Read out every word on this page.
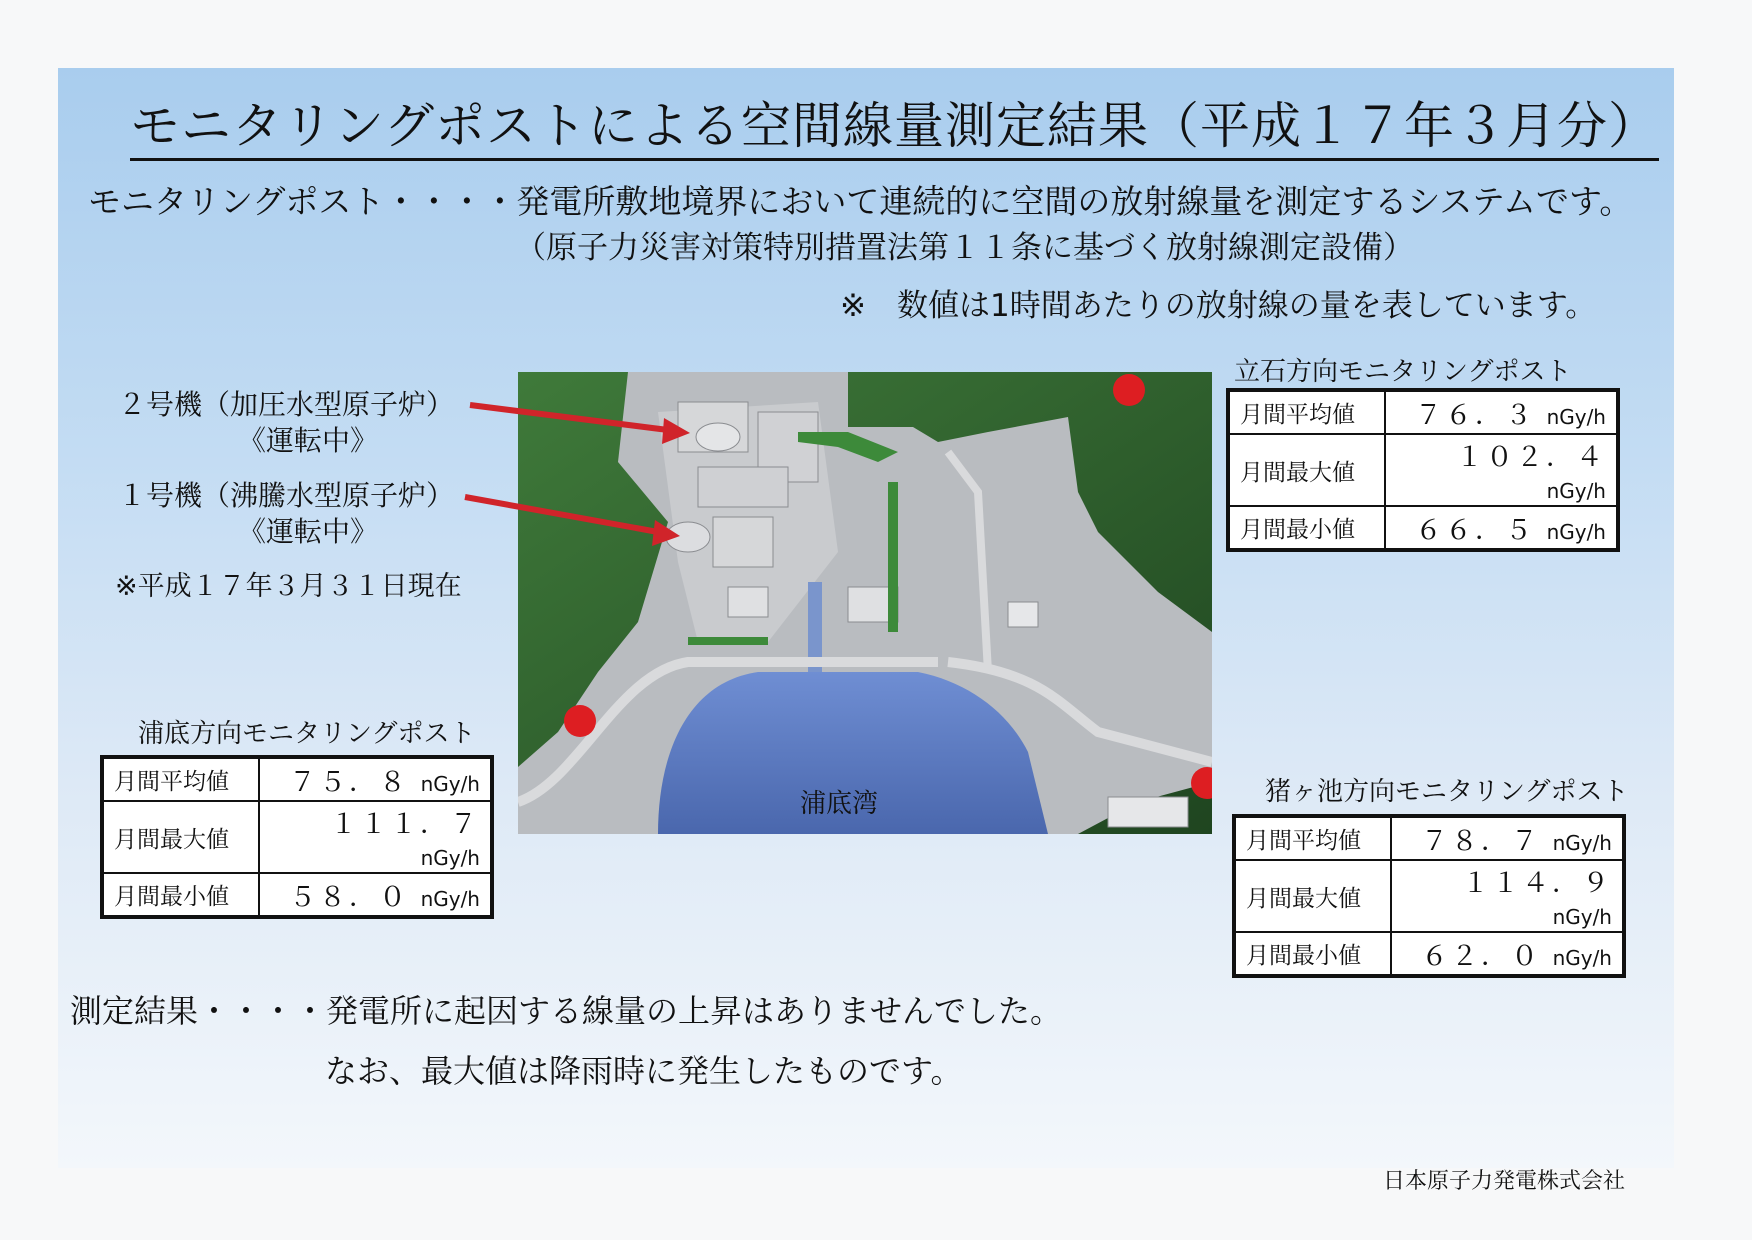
モニタリングポストによる空間線量測定結果（平成１７年３月分）
モニタリングポスト・・・・発電所敷地境界において連続的に空間の放射線量を測定するシステムです。
（原子力災害対策特別措置法第１１条に基づく放射線測定設備）
※　数値は1時間あたりの放射線の量を表しています。
２号機（加圧水型原子炉）
《運転中》
１号機（沸騰水型原子炉）
《運転中》
※平成１７年３月３１日現在
浦底湾
立石方向モニタリングポスト
月間平均値	７６．３ nGy/h
月間最大値	１０２．４ nGy/h
月間最小値	６６．５ nGy/h
浦底方向モニタリングポスト
月間平均値	７５．８ nGy/h
月間最大値	１１１．７ nGy/h
月間最小値	５８．０ nGy/h
猪ヶ池方向モニタリングポスト
月間平均値	７８．７ nGy/h
月間最大値	１１４．９ nGy/h
月間最小値	６２．０ nGy/h
測定結果・・・・発電所に起因する線量の上昇はありませんでした。
なお、最大値は降雨時に発生したものです。
日本原子力発電株式会社
